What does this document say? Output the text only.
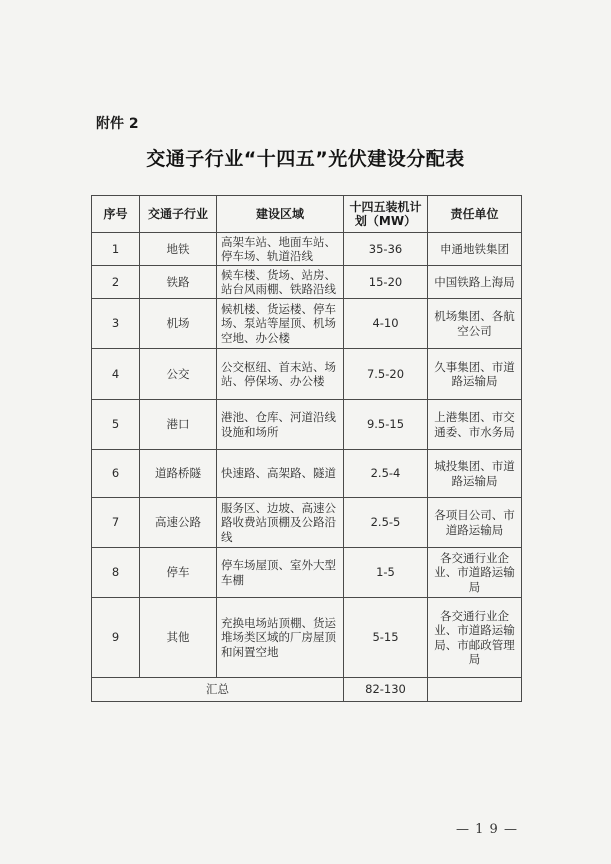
附件 2
交通子行业“十四五”光伏建设分配表
序号	交通子行业	建设区域	十四五装机计划（MW）	责任单位
1	地铁	高架车站、地面车站、停车场、轨道沿线	35-36	申通地铁集团
2	铁路	候车楼、货场、站房、站台风雨棚、铁路沿线	15-20	中国铁路上海局
3	机场	候机楼、货运楼、停车场、泵站等屋顶、机场空地、办公楼	4-10	机场集团、各航空公司
4	公交	公交枢纽、首末站、场站、停保场、办公楼	7.5-20	久事集团、市道路运输局
5	港口	港池、仓库、河道沿线设施和场所	9.5-15	上港集团、市交通委、市水务局
6	道路桥隧	快速路、高架路、隧道	2.5-4	城投集团、市道路运输局
7	高速公路	服务区、边坡、高速公路收费站顶棚及公路沿线	2.5-5	各项目公司、市道路运输局
8	停车	停车场屋顶、室外大型车棚	1-5	各交通行业企业、市道路运输局
9	其他	充换电场站顶棚、货运堆场类区域的厂房屋顶和闲置空地	5-15	各交通行业企业、市道路运输局、市邮政管理局
汇总			82-130	
— 1 9 —
